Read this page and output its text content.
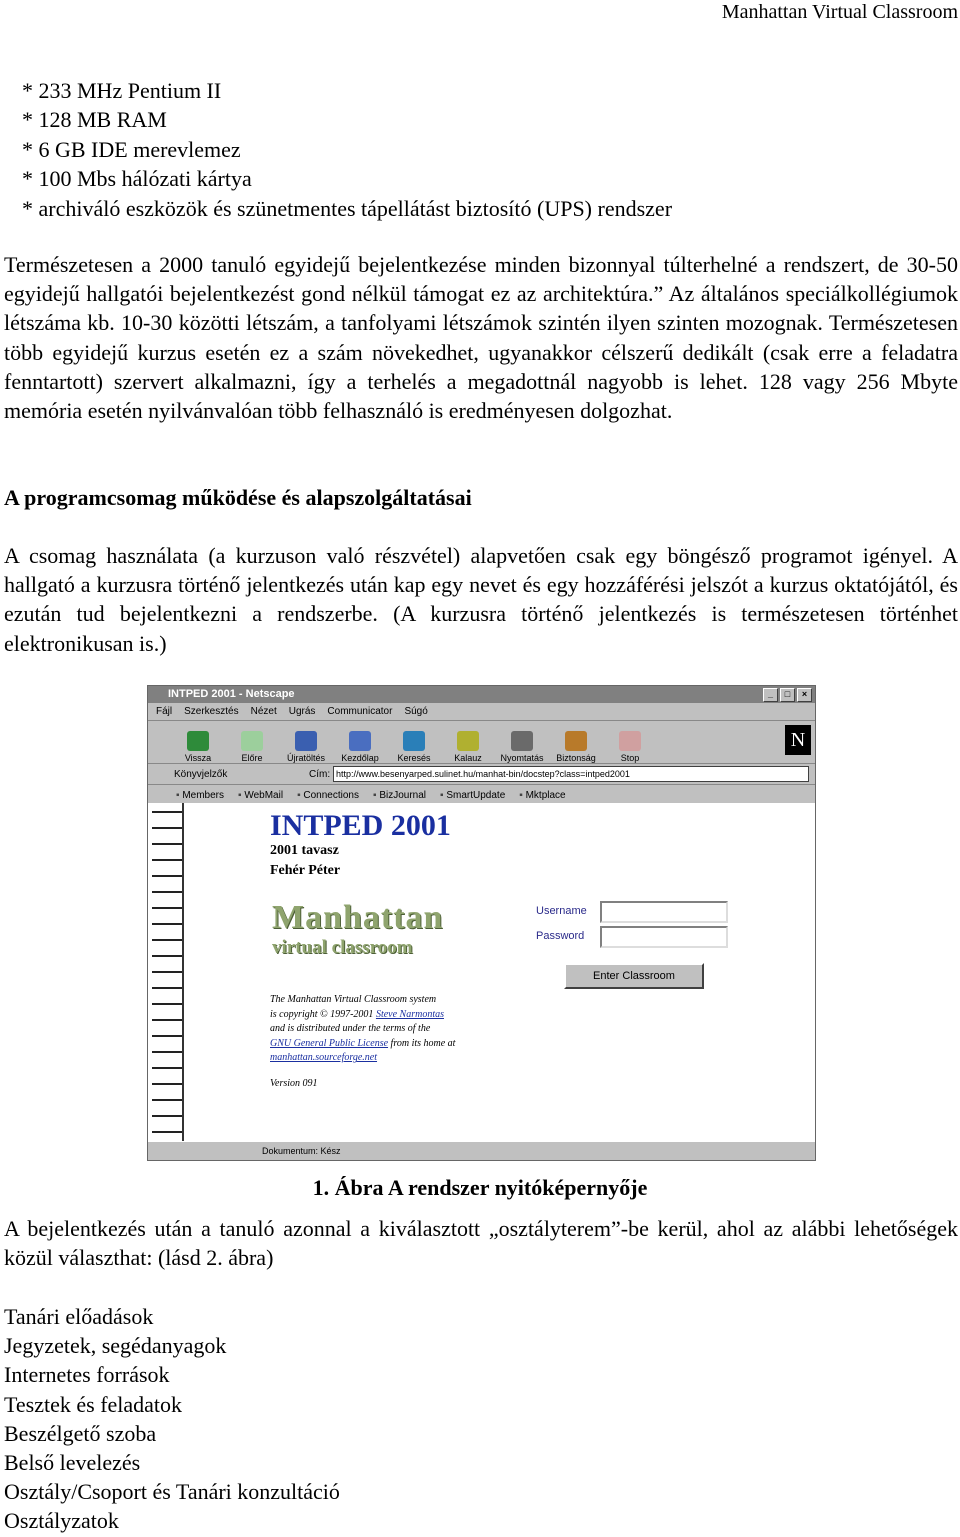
Manhattan Virtual Classroom
* 233 MHz Pentium II
* 128 MB RAM
* 6 GB IDE merevlemez
* 100 Mbs hálózati kártya
* archiváló eszközök és szünetmentes tápellátást biztosító (UPS) rendszer

Természetesen a 2000 tanuló egyidejű bejelentkezése minden bizonnyal túlterhelné a rendszert, de 30-50 egyidejű hallgatói bejelentkezést gond nélkül támogat ez az architektúra.” Az általános speciálkollégiumok létszáma kb. 10-30 közötti létszám, a tanfolyami létszámok szintén ilyen szinten mozognak. Természetesen több egyidejű kurzus esetén ez a szám növekedhet, ugyanakkor célszerű dedikált (csak erre a feladatra fenntartott) szervert alkalmazni, így a terhelés a megadottnál nagyobb is lehet. 128 vagy 256 Mbyte memória esetén nyilvánvalóan több felhasználó is eredményesen dolgozhat.

A programcsomag működése és alapszolgáltatásai

A csomag használata (a kurzuson való részvétel) alapvetően csak egy böngésző programot igényel. A hallgató a kurzusra történő jelentkezés után kap egy nevet és egy hozzáférési jelszót a kurzus oktatójától, és ezután tud bejelentkezni a rendszerbe. (A kurzusra történő jelentkezés is természetesen történhet elektronikusan is.)

INTPED 2001 - Netscape	_	□	×
Fájl Szerkesztés Nézet Ugrás Communicator Súgó
Vissza	Előre	Újratöltés	Kezdőlap	Keresés	Kalauz	Nyomtatás	Biztonság	Stop
N
Könyvjelzők	Cím: http://www.besenyarped.sulinet.hu/manhat-bin/docstep?class=intped2001
▪ Members	▪ WebMail	▪ Connections	▪ BizJournal	▪ SmartUpdate	▪ Mktplace
INTPED 2001
2001 tavasz
Fehér Péter
Manhattan
virtual classroom
Username
Password
Enter Classroom
The Manhattan Virtual Classroom system
is copyright © 1997-2001 Steve Narmontas
and is distributed under the terms of the
GNU General Public License from its home at
manhattan.sourceforge.net
Version 091
Dokumentum: Kész
1. Ábra A rendszer nyitóképernyője

A bejelentkezés után a tanuló azonnal a kiválasztott „osztályterem”-be kerül, ahol az alábbi lehetőségek közül választhat: (lásd 2. ábra)

Tanári előadások
Jegyzetek, segédanyagok
Internetes források
Tesztek és feladatok
Beszélgető szoba
Belső levelezés
Osztály/Csoport és Tanári konzultáció
Osztályzatok
